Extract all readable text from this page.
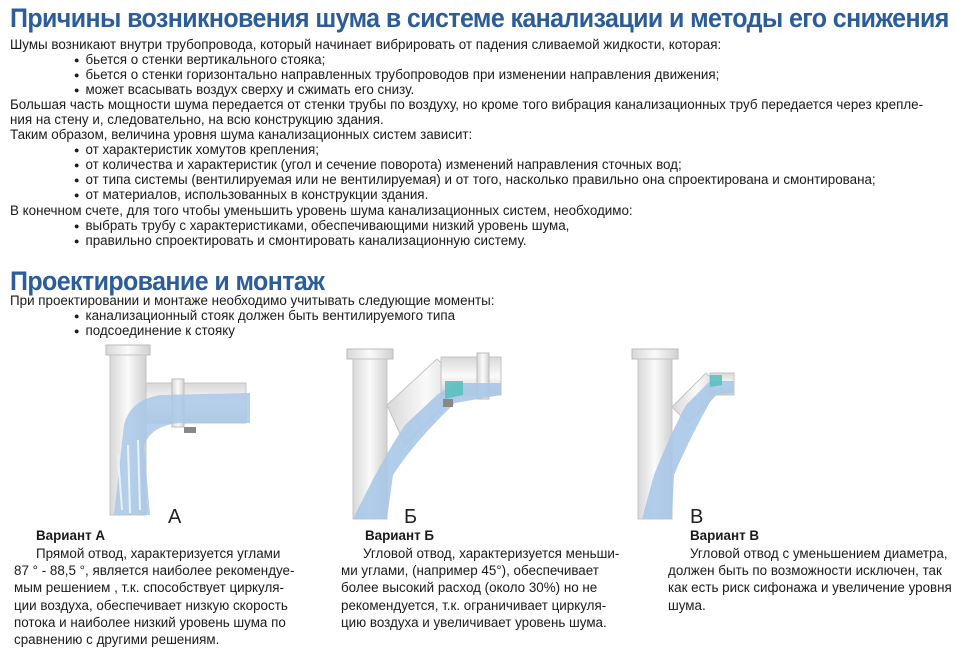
Причины возникновения шума в системе канализации и методы его снижения
Шумы возникают внутри трубопровода, который начинает вибрировать от падения сливаемой жидкости, которая:
● бьется о стенки вертикального стояка;
● бьется о стенки горизонтально направленных трубопроводов при изменении направления движения;
● может всасывать воздух сверху и сжимать его снизу.
Большая часть мощности шума передается от стенки трубы по воздуху, но кроме того вибрация канализационных труб передается через крепле-
ния на стену и, следовательно, на всю конструкцию здания.
Таким образом, величина уровня шума канализационных систем зависит:
● от характеристик хомутов крепления;
● от количества и характеристик (угол и сечение поворота) изменений направления сточных вод;
● от типа системы (вентилируемая или не вентилируемая) и от того, насколько правильно она спроектирована и смонтирована;
● от материалов, использованных в конструкции здания.
В конечном счете, для того чтобы уменьшить уровень шума канализационных систем, необходимо:
● выбрать трубу с характеристиками, обеспечивающими низкий уровень шума,
● правильно спроектировать и смонтировать канализационную систему.
Проектирование и монтаж
При проектировании и монтаже необходимо учитывать следующие моменты:
● канализационный стояк должен быть вентилируемого типа
● подсоединение к стояку
А	Б	В
Вариант А
Прямой отвод, характеризуется углами
87 ° - 88,5 °, является наиболее рекомендуе-
мым решением , т.к. способствует циркуля-
ции воздуха, обеспечивает низкую скорость
потока и наиболее низкий уровень шума по
сравнению с другими решениям.
Вариант Б
Угловой отвод, характеризуется меньши-
ми углами, (например 45°), обеспечивает
более высокий расход (около 30%) но не
рекомендуется, т.к. ограничивает циркуля-
цию воздуха и увеличивает уровень шума.
Вариант В
Угловой отвод с уменьшением диаметра,
должен быть по возможности исключен, так
как есть риск сифонажа и увеличение уровня
шума.
